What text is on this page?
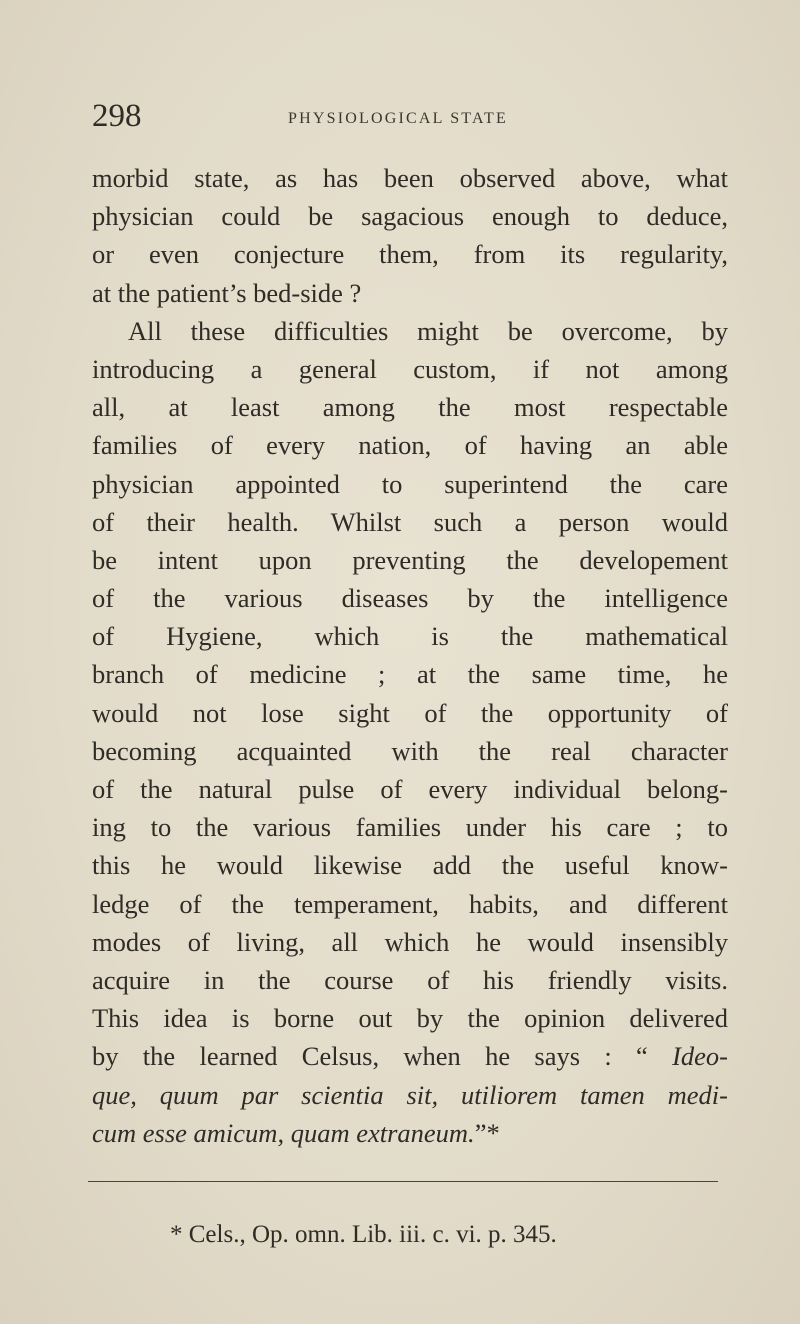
298	PHYSIOLOGICAL STATE
morbid state, as has been observed above, what
physician could be sagacious enough to deduce,
or even conjecture them, from its regularity,
at the patient’s bed-side ?
All these difficulties might be overcome, by
introducing a general custom, if not among
all, at least among the most respectable
families of every nation, of having an able
physician appointed to superintend the care
of their health. Whilst such a person would
be intent upon preventing the developement
of the various diseases by the intelligence
of Hygiene, which is the mathematical
branch of medicine ; at the same time, he
would not lose sight of the opportunity of
becoming acquainted with the real character
of the natural pulse of every individual belong-
ing to the various families under his care ; to
this he would likewise add the useful know-
ledge of the temperament, habits, and different
modes of living, all which he would insensibly
acquire in the course of his friendly visits.
This idea is borne out by the opinion delivered
by the learned Celsus, when he says : “ Ideo-
que, quum par scientia sit, utiliorem tamen medi-
cum esse amicum, quam extraneum.”*
* Cels., Op. omn. Lib. iii. c. vi. p. 345.
